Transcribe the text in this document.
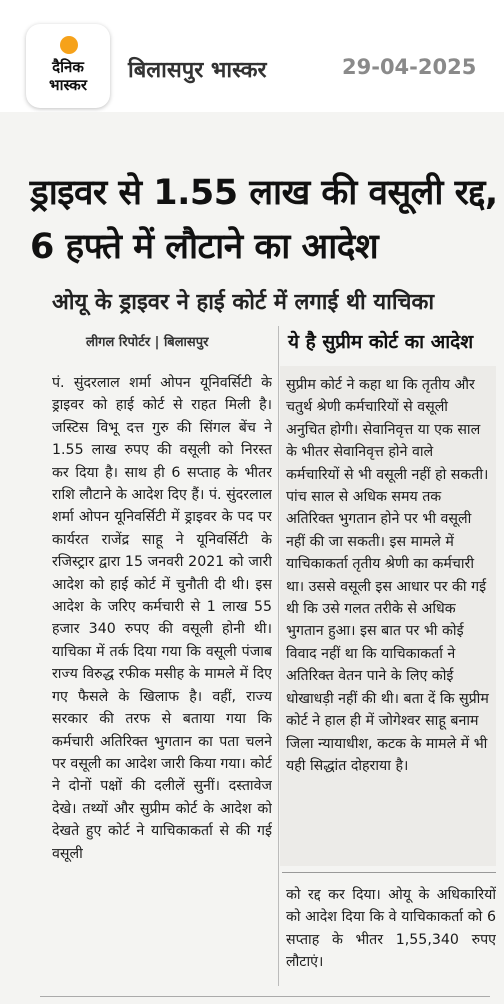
दैनिक
भास्कर
बिलासपुर भास्कर	29-04-2025
ड्राइवर से 1.55 लाख की वसूली रद्द, 6 हफ्ते में लौटाने का आदेश
ओयू के ड्राइवर ने हाई कोर्ट में लगाई थी याचिका
लीगल रिपोर्टर | बिलासपुर	ये है सुप्रीम कोर्ट का आदेश
पं. सुंदरलाल शर्मा ओपन यूनिवर्सिटी के ड्राइवर को हाई कोर्ट से राहत मिली है। जस्टिस विभू दत्त गुरु की सिंगल बेंच ने 1.55 लाख रुपए की वसूली को निरस्त कर दिया है। साथ ही 6 सप्ताह के भीतर राशि लौटाने के आदेश दिए हैं। पं. सुंदरलाल शर्मा ओपन यूनिवर्सिटी में ड्राइवर के पद पर कार्यरत राजेंद्र साहू ने यूनिवर्सिटी के रजिस्ट्रार द्वारा 15 जनवरी 2021 को जारी आदेश को हाई कोर्ट में चुनौती दी थी। इस आदेश के जरिए कर्मचारी से 1 लाख 55 हजार 340 रुपए की वसूली होनी थी। याचिका में तर्क दिया गया कि वसूली पंजाब राज्य विरुद्ध रफीक मसीह के मामले में दिए गए फैसले के खिलाफ है। वहीं, राज्य सरकार की तरफ से बताया गया कि कर्मचारी अतिरिक्त भुगतान का पता चलने पर वसूली का आदेश जारी किया गया। कोर्ट ने दोनों पक्षों की दलीलें सुनीं। दस्तावेज देखे। तथ्यों और सुप्रीम कोर्ट के आदेश को देखते हुए कोर्ट ने याचिकाकर्ता से की गई वसूली
सुप्रीम कोर्ट ने कहा था कि तृतीय और चतुर्थ श्रेणी कर्मचारियों से वसूली अनुचित होगी। सेवानिवृत्त या एक साल के भीतर सेवानिवृत्त होने वाले कर्मचारियों से भी वसूली नहीं हो सकती। पांच साल से अधिक समय तक अतिरिक्त भुगतान होने पर भी वसूली नहीं की जा सकती। इस मामले में याचिकाकर्ता तृतीय श्रेणी का कर्मचारी था। उससे वसूली इस आधार पर की गई थी कि उसे गलत तरीके से अधिक भुगतान हुआ। इस बात पर भी कोई विवाद नहीं था कि याचिकाकर्ता ने अतिरिक्त वेतन पाने के लिए कोई धोखाधड़ी नहीं की थी। बता दें कि सुप्रीम कोर्ट ने हाल ही में जोगेश्वर साहू बनाम जिला न्यायाधीश, कटक के मामले में भी यही सिद्धांत दोहराया है।
को रद्द कर दिया। ओयू के अधिकारियों को आदेश दिया कि वे याचिकाकर्ता को 6 सप्ताह के भीतर 1,55,340 रुपए लौटाएं।
